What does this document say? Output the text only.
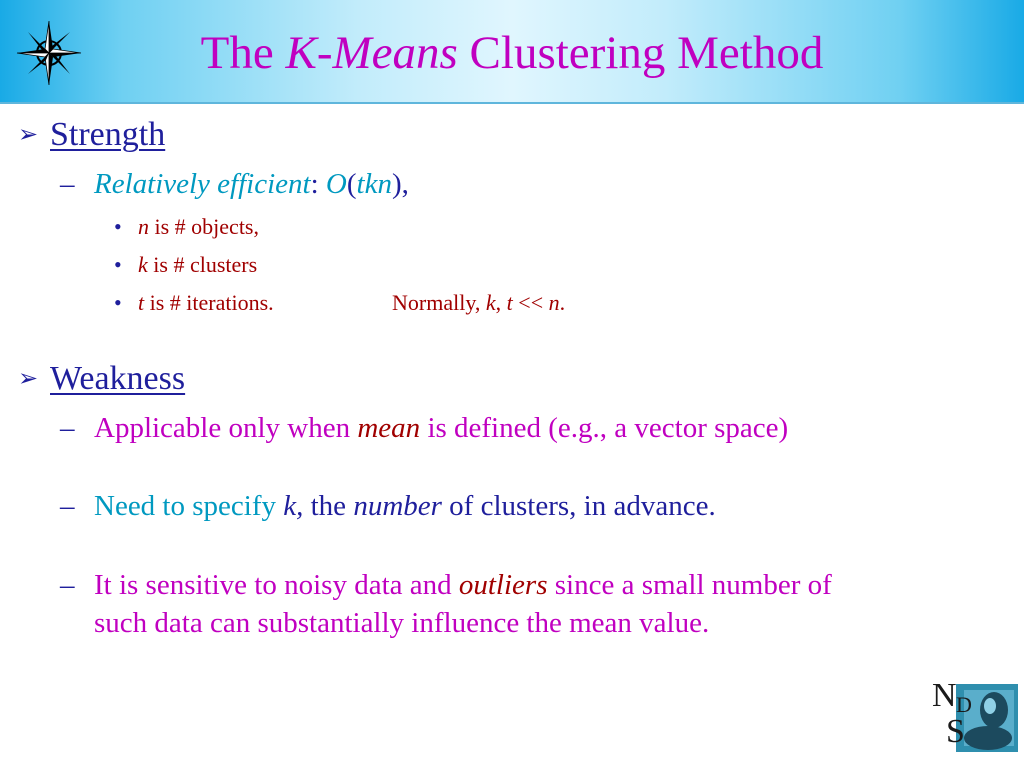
The K-Means Clustering Method
➢ Strength
– Relatively efficient: O(tkn),
• n is # objects,
• k is # clusters
• t is # iterations.	Normally, k, t << n.
➢ Weakness
– Applicable only when mean is defined (e.g., a vector space)
– Need to specify k, the number of clusters, in advance.
– It is sensitive to noisy data and outliers since a small number of
such data can substantially influence the mean value.
N D
S
